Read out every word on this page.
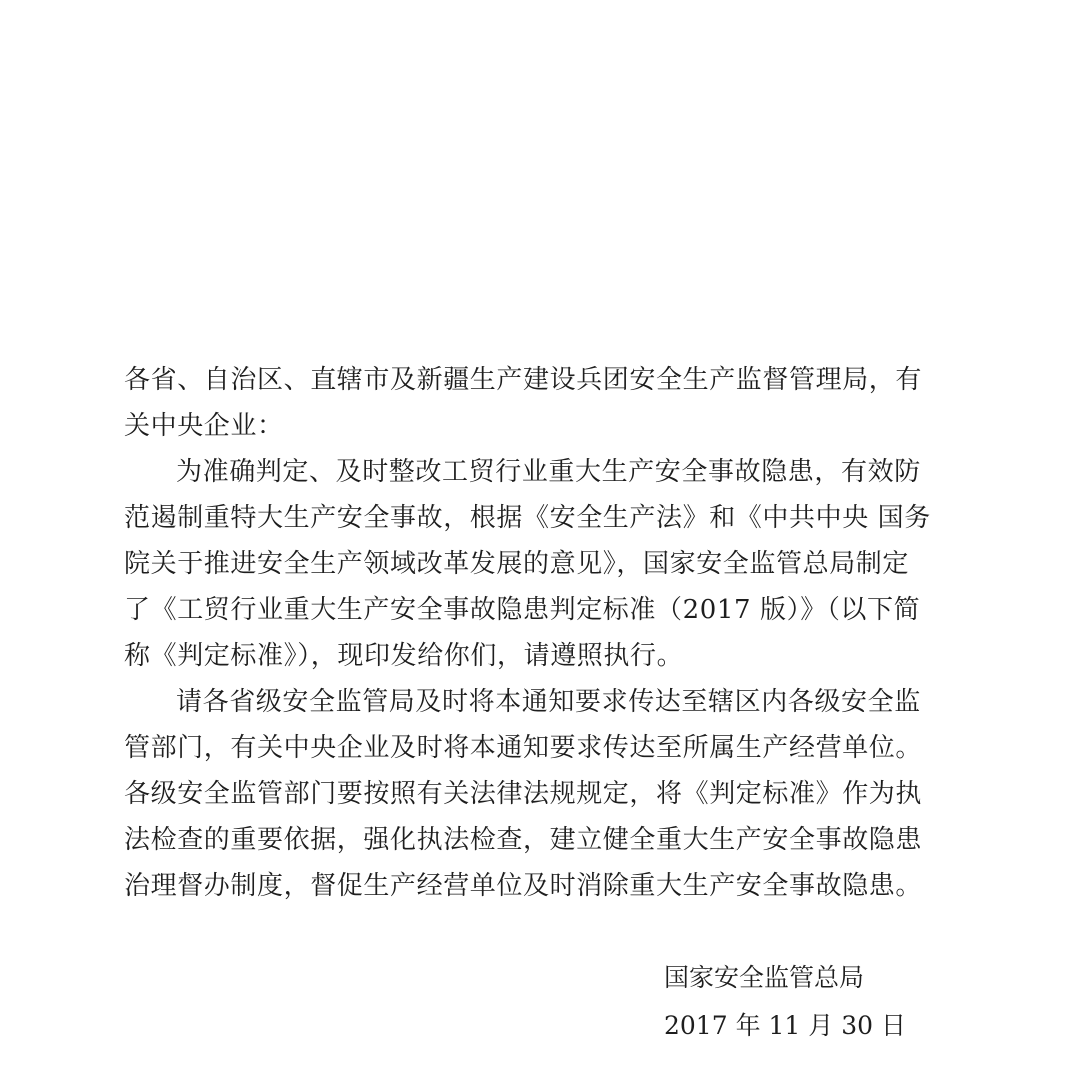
各省、自治区、直辖市及新疆生产建设兵团安全生产监督管理局，有
关中央企业：
为准确判定、及时整改工贸行业重大生产安全事故隐患，有效防
范遏制重特大生产安全事故，根据《安全生产法》和《中共中央 国务
院关于推进安全生产领域改革发展的意见》，国家安全监管总局制定
了《工贸行业重大生产安全事故隐患判定标准（2017 版）》（以下简
称《判定标准》），现印发给你们，请遵照执行。
请各省级安全监管局及时将本通知要求传达至辖区内各级安全监
管部门，有关中央企业及时将本通知要求传达至所属生产经营单位。
各级安全监管部门要按照有关法律法规规定，将《判定标准》作为执
法检查的重要依据，强化执法检查，建立健全重大生产安全事故隐患
治理督办制度，督促生产经营单位及时消除重大生产安全事故隐患。
国家安全监管总局
2017 年 11 月 30 日
